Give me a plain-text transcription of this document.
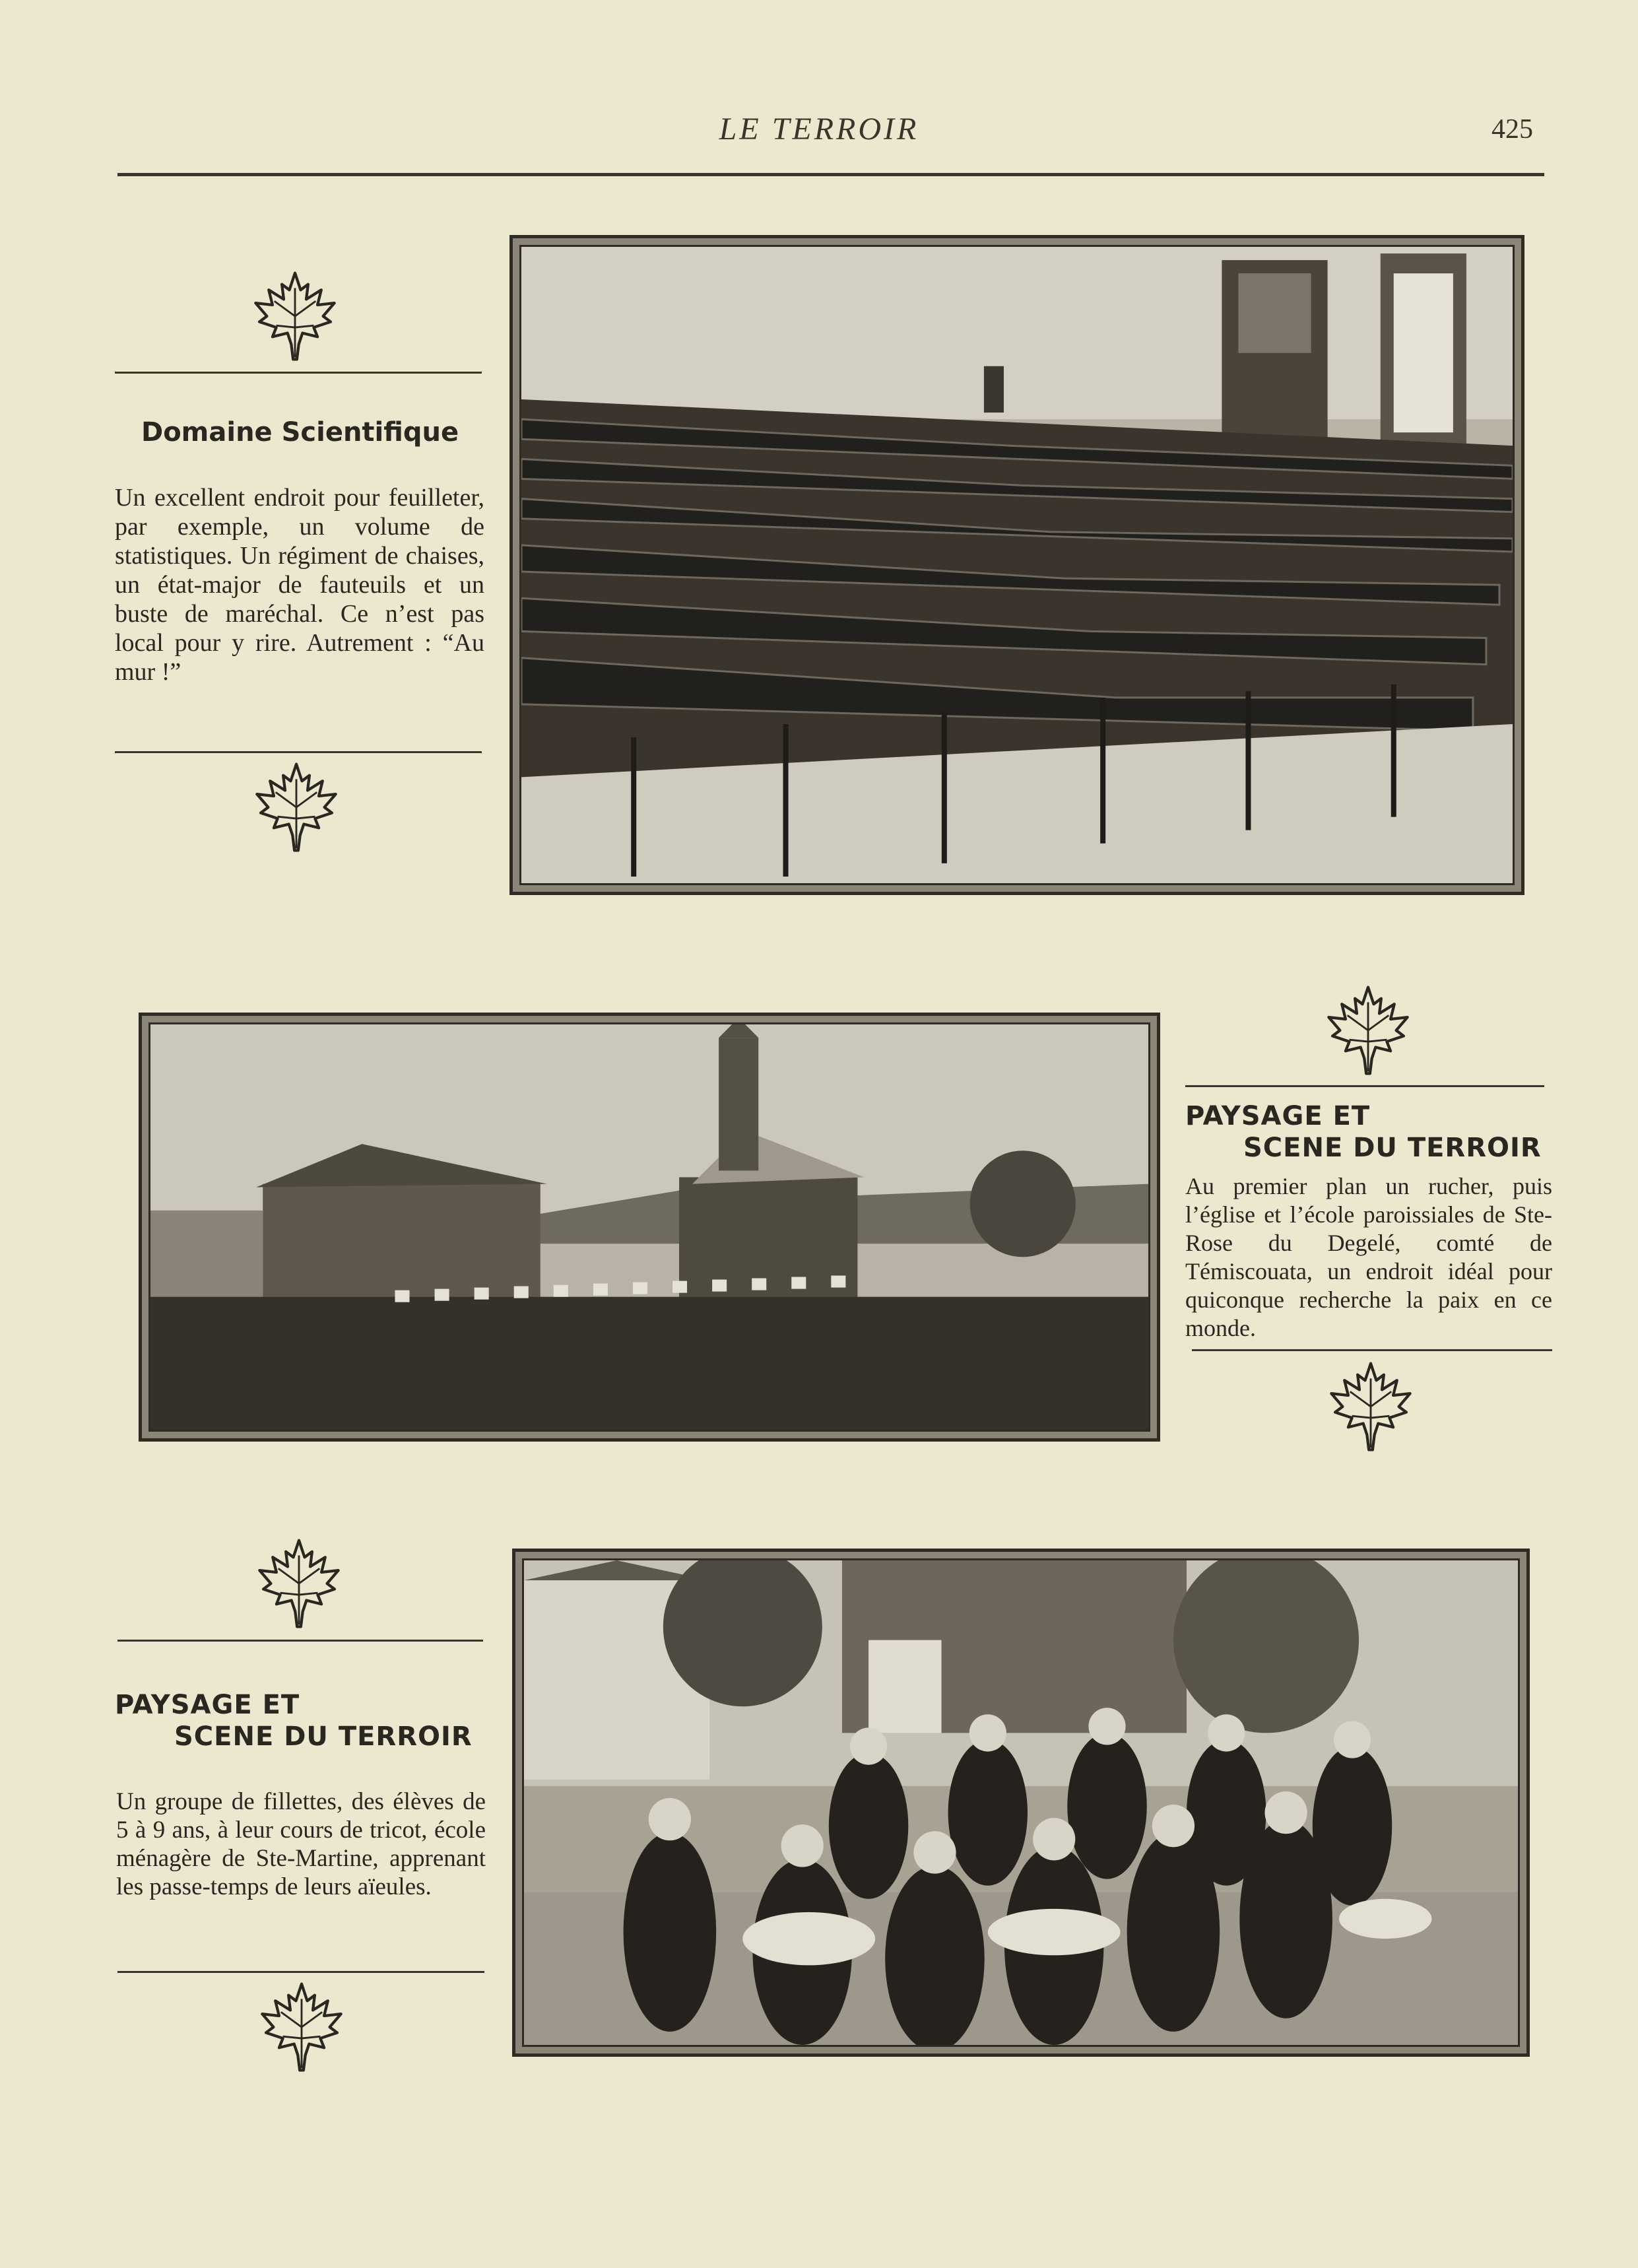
LE TERROIR	425
Domaine Scientifique
Un excellent endroit pour feuilleter, par exemple, un volume de statistiques. Un régiment de chaises, un état-major de fauteuils et un buste de maréchal. Ce n’est pas local pour y rire. Autrement : “Au mur !”
PAYSAGE ET
SCENE DU TERROIR
Au premier plan un rucher, puis l’église et l’école paroissiales de Ste-Rose du Degelé, comté de Témiscouata, un endroit idéal pour quiconque recherche la paix en ce monde.
PAYSAGE ET
SCENE DU TERROIR
Un groupe de fillettes, des élèves de 5 à 9 ans, à leur cours de tricot, école ménagère de Ste-Martine, apprenant les passe-temps de leurs aïeules.
